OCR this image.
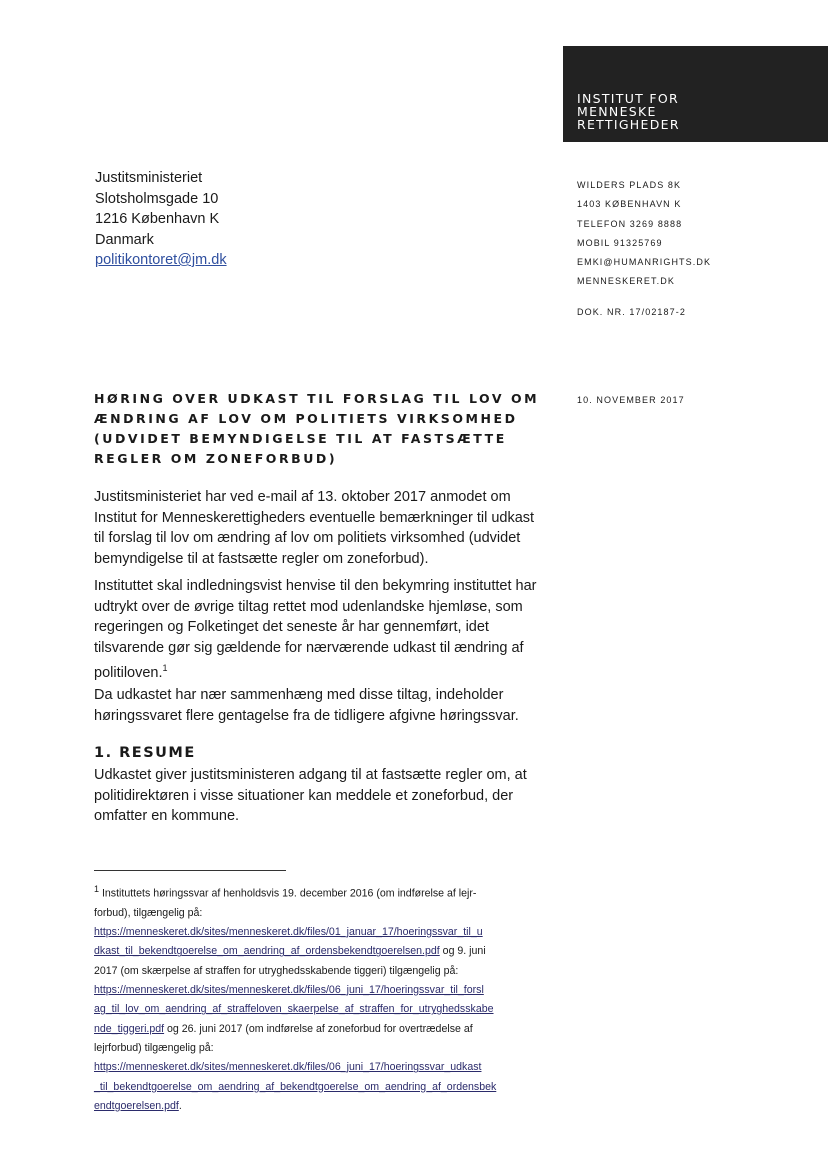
INSTITUT FOR
MENNESKE
RETTIGHEDER
Justitsministeriet
Slotsholmsgade 10
1216 København K
Danmark
politikontoret@jm.dk
WILDERS PLADS 8K
1403 KØBENHAVN K
TELEFON 3269 8888
MOBIL 91325769
EMKI@HUMANRIGHTS.DK
MENNESKERET.DK
DOK. NR. 17/02187-2
10. NOVEMBER 2017
HØRING OVER UDKAST TIL FORSLAG TIL LOV OM
ÆNDRING AF LOV OM POLITIETS VIRKSOMHED
(UDVIDET BEMYNDIGELSE TIL AT FASTSÆTTE
REGLER OM ZONEFORBUD)
Justitsministeriet har ved e-mail af 13. oktober 2017 anmodet om
Institut for Menneskerettigheders eventuelle bemærkninger til udkast
til forslag til lov om ændring af lov om politiets virksomhed (udvidet
bemyndigelse til at fastsætte regler om zoneforbud).
Instituttet skal indledningsvist henvise til den bekymring instituttet har
udtrykt over de øvrige tiltag rettet mod udenlandske hjemløse, som
regeringen og Folketinget det seneste år har gennemført, idet
tilsvarende gør sig gældende for nærværende udkast til ændring af
politiloven.$^1$
Da udkastet har nær sammenhæng med disse tiltag, indeholder
høringssvaret flere gentagelse fra de tidligere afgivne høringssvar.
1. RESUME
Udkastet giver justitsministeren adgang til at fastsætte regler om, at
politidirektøren i visse situationer kan meddele et zoneforbud, der
omfatter en kommune.
$^1$ Instituttets høringssvar af henholdsvis 19. december 2016 (om indførelse af lejr-
forbud), tilgængelig på:
https://menneskeret.dk/sites/menneskeret.dk/files/01_januar_17/hoeringssvar_til_u
dkast_til_bekendtgoerelse_om_aendring_af_ordensbekendtgoerelsen.pdf og 9. juni
2017 (om skærpelse af straffen for utryghedsskabende tiggeri) tilgængelig på:
https://menneskeret.dk/sites/menneskeret.dk/files/06_juni_17/hoeringssvar_til_forsl
ag_til_lov_om_aendring_af_straffeloven_skaerpelse_af_straffen_for_utryghedsskabe
nde_tiggeri.pdf og 26. juni 2017 (om indførelse af zoneforbud for overtrædelse af
lejrforbud) tilgængelig på:
https://menneskeret.dk/sites/menneskeret.dk/files/06_juni_17/hoeringssvar_udkast
_til_bekendtgoerelse_om_aendring_af_bekendtgoerelse_om_aendring_af_ordensbek
endtgoerelsen.pdf.
